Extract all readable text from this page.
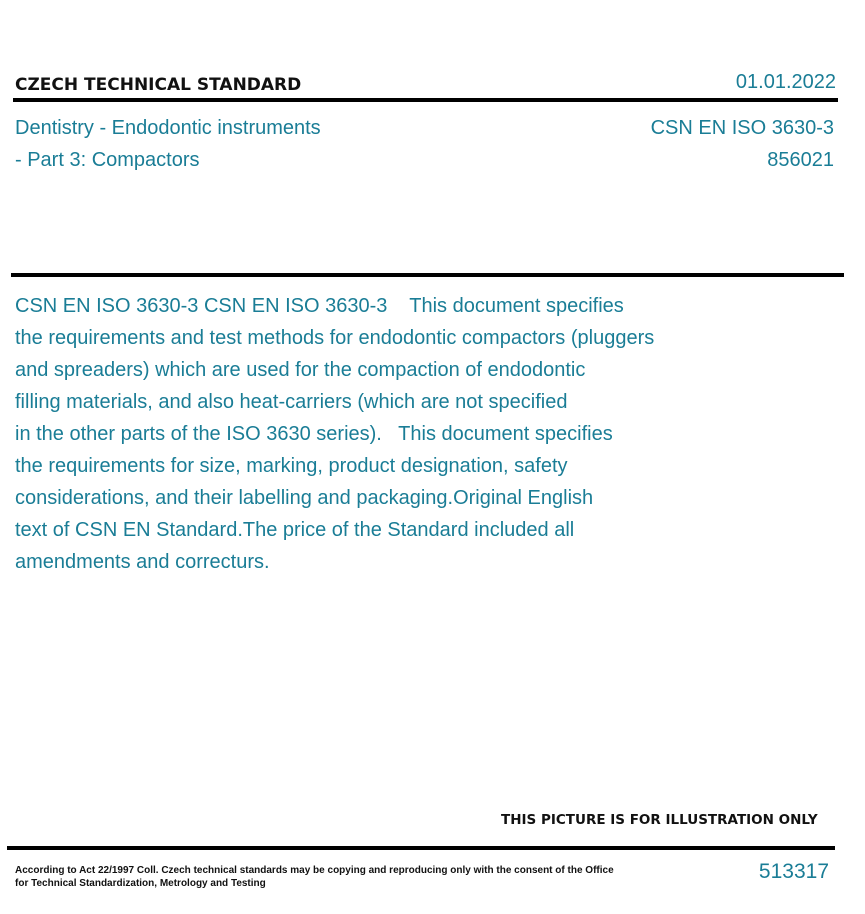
CZECH TECHNICAL STANDARD	01.01.2022
Dentistry - Endodontic instruments
- Part 3: Compactors
CSN EN ISO 3630-3
856021
CSN EN ISO 3630-3 CSN EN ISO 3630-3    This document specifies
the requirements and test methods for endodontic compactors (pluggers
and spreaders) which are used for the compaction of endodontic
filling materials, and also heat-carriers (which are not specified
in the other parts of the ISO 3630 series).   This document specifies
the requirements for size, marking, product designation, safety
considerations, and their labelling and packaging.Original English
text of CSN EN Standard.The price of the Standard included all
amendments and correcturs.
THIS PICTURE IS FOR ILLUSTRATION ONLY
According to Act 22/1997 Coll. Czech technical standards may be copying and reproducing only with the consent of the Office
for Technical Standardization, Metrology and Testing
513317
